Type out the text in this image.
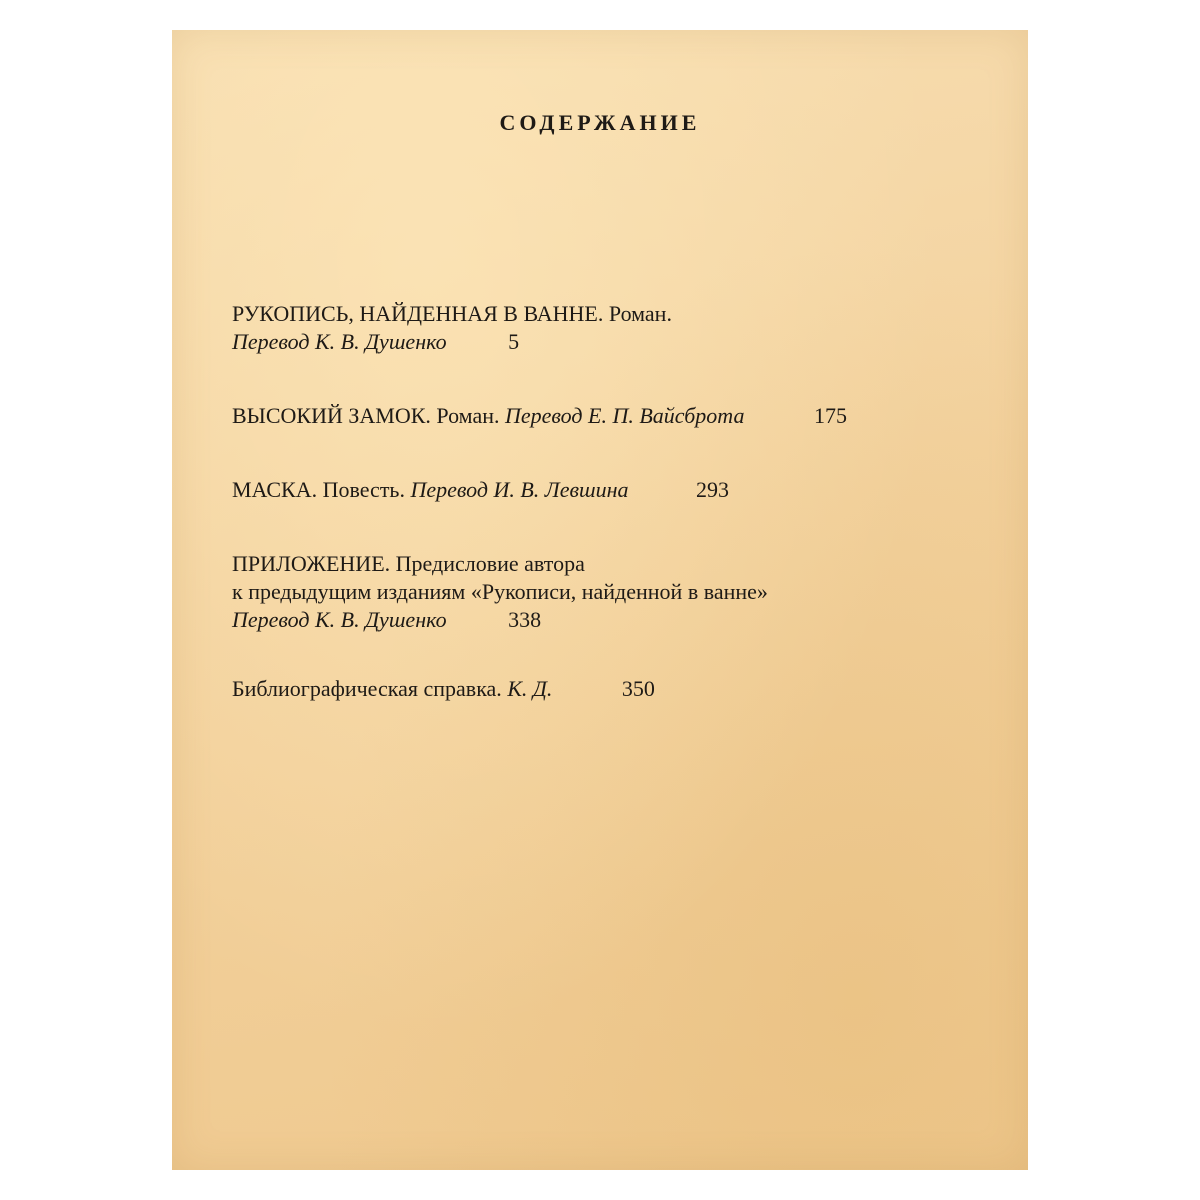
СОДЕРЖАНИЕ
РУКОПИСЬ, НАЙДЕННАЯ В ВАННЕ. Роман.
Перевод К. В. Душенко	5
ВЫСОКИЙ ЗАМОК. Роман. Перевод Е. П. Вайсброта	175
МАСКА. Повесть. Перевод И. В. Левшина	293
ПРИЛОЖЕНИЕ. Предисловие автора
к предыдущим изданиям «Рукописи, найденной в ванне»
Перевод К. В. Душенко	338
Библиографическая справка. К. Д.	350
